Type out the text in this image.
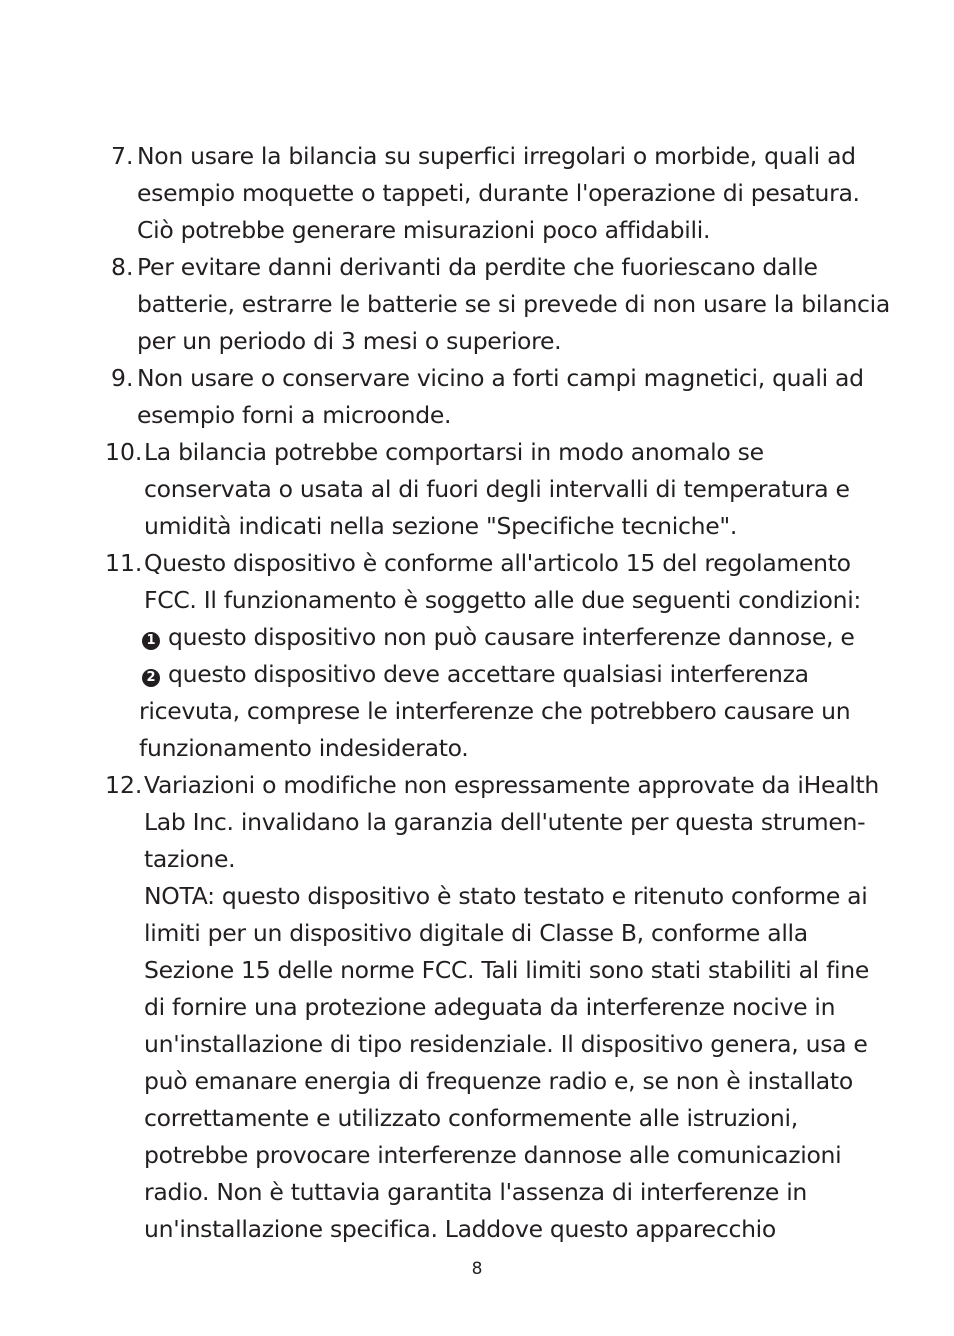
7. Non usare la bilancia su superfici irregolari o morbide, quali ad
esempio moquette o tappeti, durante l'operazione di pesatura.
Ciò potrebbe generare misurazioni poco affidabili.
8. Per evitare danni derivanti da perdite che fuoriescano dalle
batterie, estrarre le batterie se si prevede di non usare la bilancia
per un periodo di 3 mesi o superiore.
9. Non usare o conservare vicino a forti campi magnetici, quali ad
esempio forni a microonde.
10. La bilancia potrebbe comportarsi in modo anomalo se
conservata o usata al di fuori degli intervalli di temperatura e
umidità indicati nella sezione "Specifiche tecniche".
11. Questo dispositivo è conforme all'articolo 15 del regolamento
FCC. Il funzionamento è soggetto alle due seguenti condizioni:
1 questo dispositivo non può causare interferenze dannose, e
2 questo dispositivo deve accettare qualsiasi interferenza
ricevuta, comprese le interferenze che potrebbero causare un
funzionamento indesiderato.
12. Variazioni o modifiche non espressamente approvate da iHealth
Lab Inc. invalidano la garanzia dell'utente per questa strumen-
tazione.
NOTA: questo dispositivo è stato testato e ritenuto conforme ai
limiti per un dispositivo digitale di Classe B, conforme alla
Sezione 15 delle norme FCC. Tali limiti sono stati stabiliti al fine
di fornire una protezione adeguata da interferenze nocive in
un'installazione di tipo residenziale. Il dispositivo genera, usa e
può emanare energia di frequenze radio e, se non è installato
correttamente e utilizzato conformemente alle istruzioni,
potrebbe provocare interferenze dannose alle comunicazioni
radio. Non è tuttavia garantita l'assenza di interferenze in
un'installazione specifica. Laddove questo apparecchio
8
